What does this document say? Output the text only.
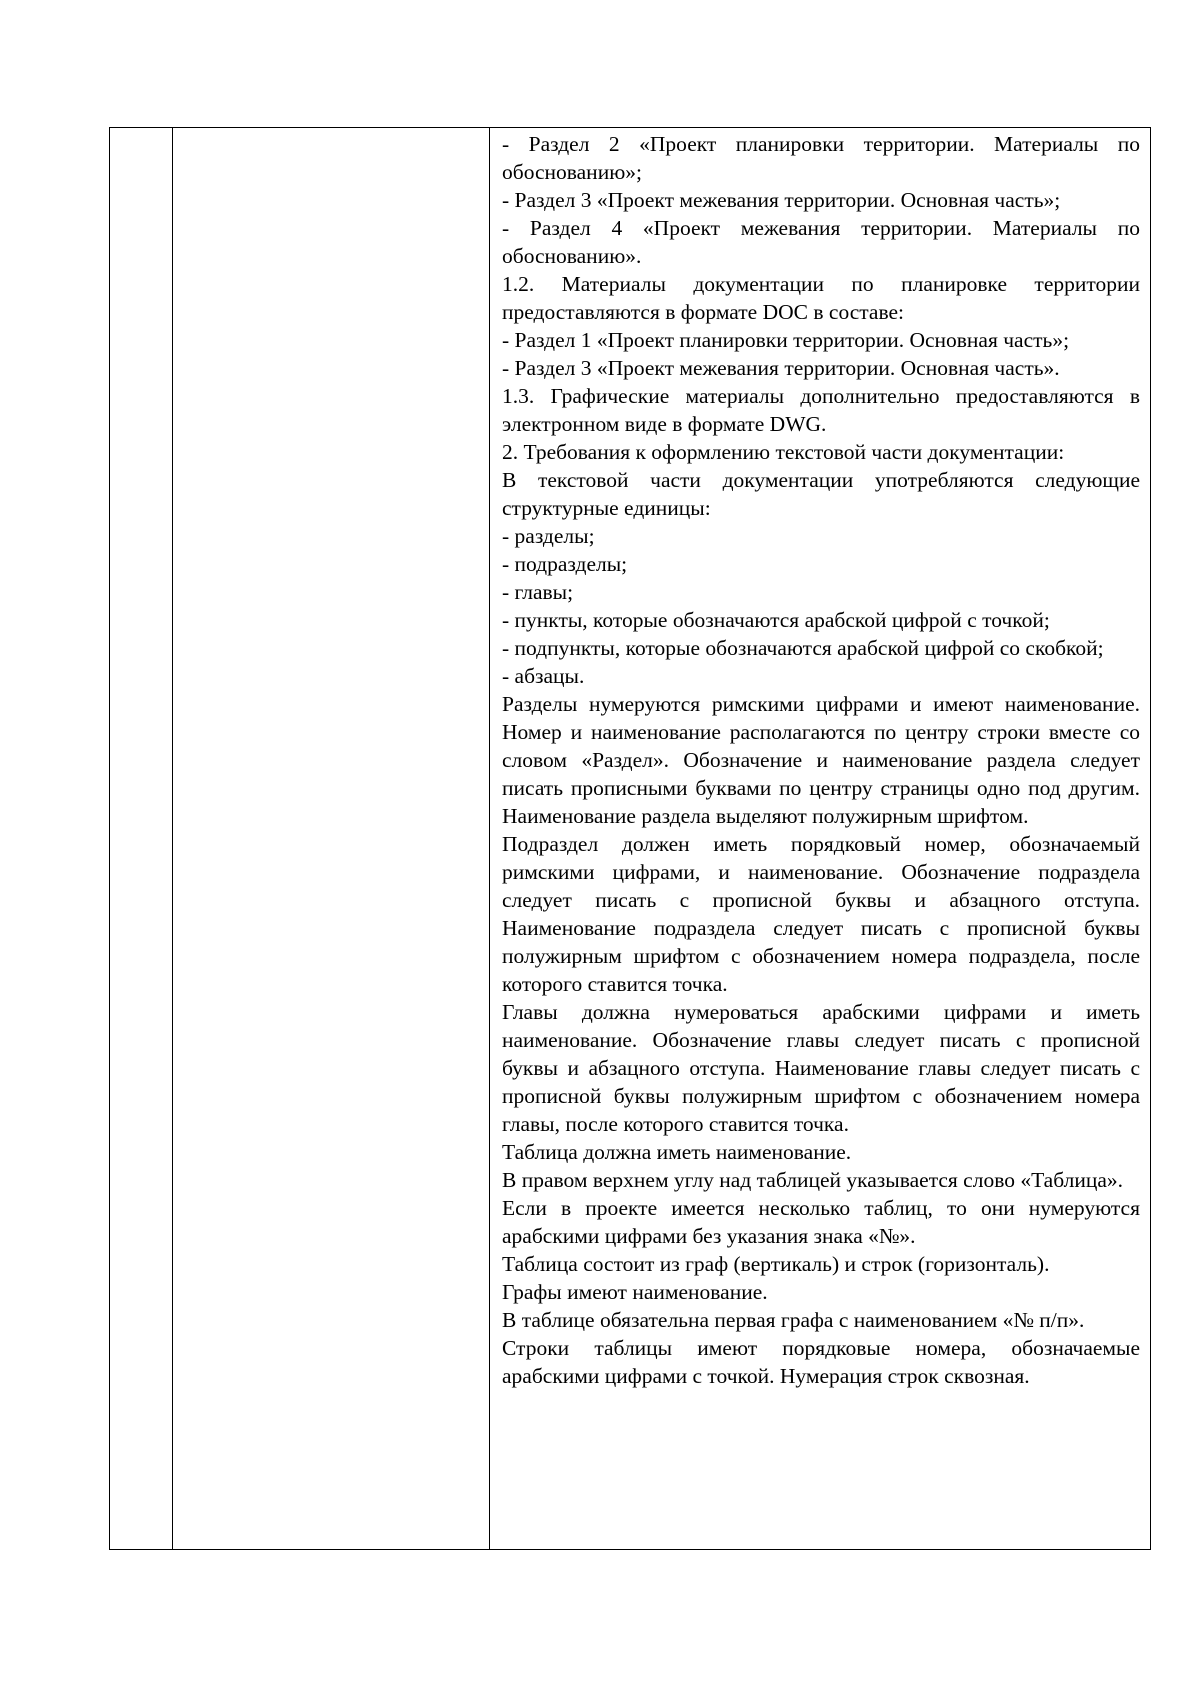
- Раздел 2 «Проект планировки территории. Материалы по обоснованию»;

- Раздел 3 «Проект межевания территории. Основная часть»;

- Раздел 4 «Проект межевания территории. Материалы по обоснованию».

1.2. Материалы документации по планировке территории предоставляются в формате DOC в составе:

- Раздел 1 «Проект планировки территории. Основная часть»;

- Раздел 3 «Проект межевания территории. Основная часть».

1.3. Графические материалы дополнительно предоставляются в электронном виде в формате DWG.

2. Требования к оформлению текстовой части документации:

В текстовой части документации употребляются следующие структурные единицы:

- разделы;

- подразделы;

- главы;

- пункты, которые обозначаются арабской цифрой с точкой;

- подпункты, которые обозначаются арабской цифрой со скобкой;

- абзацы.

Разделы нумеруются римскими цифрами и имеют наименование. Номер и наименование располагаются по центру строки вместе со словом «Раздел». Обозначение и наименование раздела следует писать прописными буквами по центру страницы одно под другим. Наименование раздела выделяют полужирным шрифтом.

Подраздел должен иметь порядковый номер, обозначаемый римскими цифрами, и наименование. Обозначение подраздела следует писать с прописной буквы и абзацного отступа. Наименование подраздела следует писать с прописной буквы полужирным шрифтом с обозначением номера подраздела, после которого ставится точка.

Главы должна нумероваться арабскими цифрами и иметь наименование. Обозначение главы следует писать с прописной буквы и абзацного отступа. Наименование главы следует писать с прописной буквы полужирным шрифтом с обозначением номера главы, после которого ставится точка.

Таблица должна иметь наименование.

В правом верхнем углу над таблицей указывается слово «Таблица».

Если в проекте имеется несколько таблиц, то они нумеруются арабскими цифрами без указания знака «№».

Таблица состоит из граф (вертикаль) и строк (горизонталь).

Графы имеют наименование.

В таблице обязательна первая графа с наименованием «№ п/п».

Строки таблицы имеют порядковые номера, обозначаемые арабскими цифрами с точкой. Нумерация строк сквозная.
